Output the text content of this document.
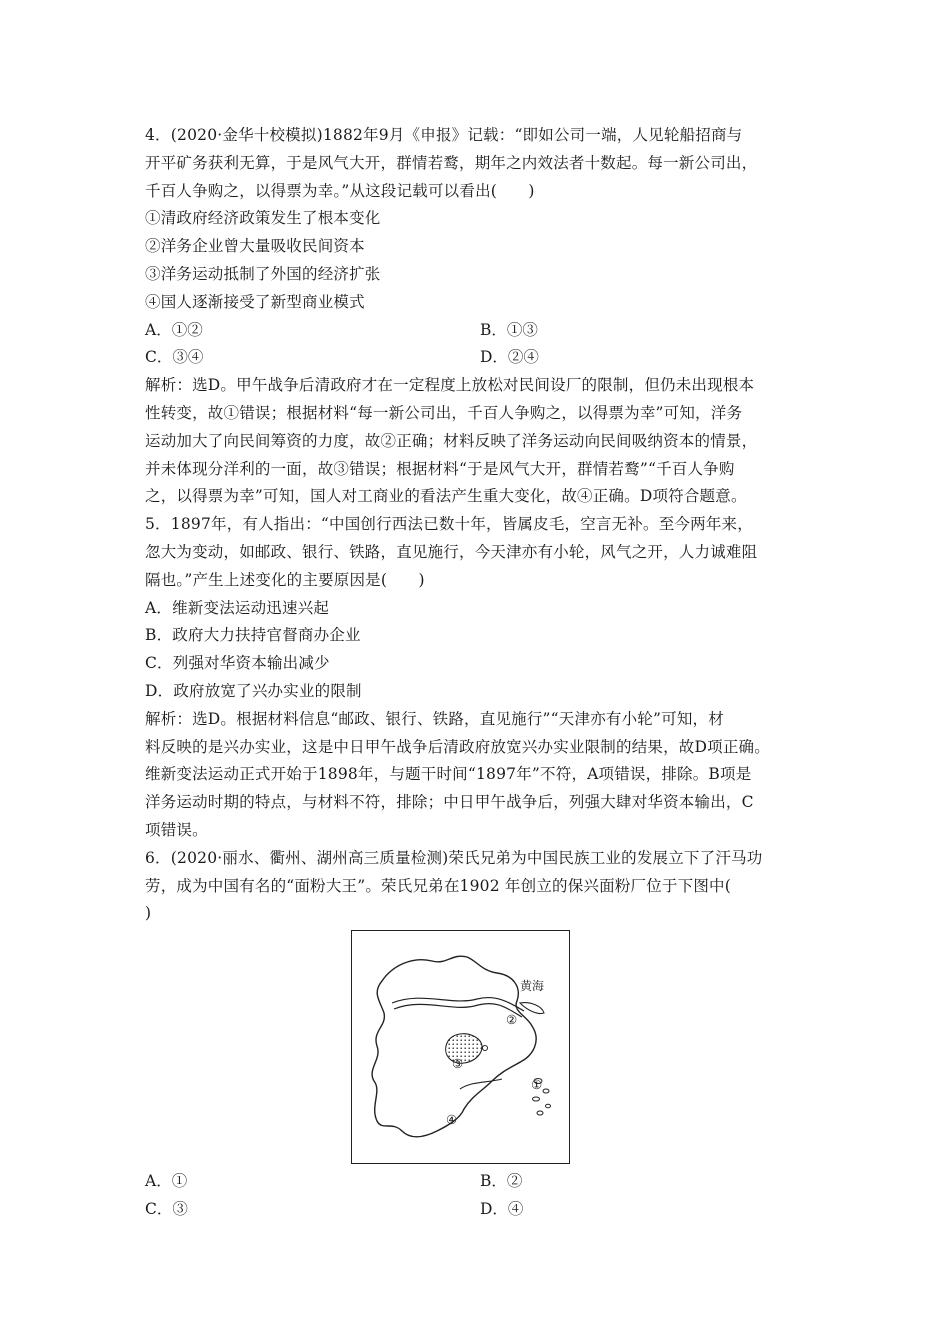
4．(2020·金华十校模拟)1882年9月《申报》记载：“即如公司一端，人见轮船招商与
开平矿务获利无算，于是风气大开，群情若鹜，期年之内效法者十数起。每一新公司出，
千百人争购之，以得票为幸。”从这段记载可以看出(　　)
①清政府经济政策发生了根本变化
②洋务企业曾大量吸收民间资本
③洋务运动抵制了外国的经济扩张
④国人逐渐接受了新型商业模式
A．①②	B．①③
C．③④	D．②④
解析：选D。甲午战争后清政府才在一定程度上放松对民间设厂的限制，但仍未出现根本
性转变，故①错误；根据材料“每一新公司出，千百人争购之，以得票为幸”可知，洋务
运动加大了向民间筹资的力度，故②正确；材料反映了洋务运动向民间吸纳资本的情景，
并未体现分洋利的一面，故③错误；根据材料“于是风气大开，群情若鹜”“千百人争购
之，以得票为幸”可知，国人对工商业的看法产生重大变化，故④正确。D项符合题意。
5．1897年，有人指出：“中国创行西法已数十年，皆属皮毛，空言无补。至今两年来，
忽大为变动，如邮政、银行、铁路，直见施行，今天津亦有小轮，风气之开，人力诚难阻
隔也。”产生上述变化的主要原因是(　　)
A．维新变法运动迅速兴起
B．政府大力扶持官督商办企业
C．列强对华资本输出减少
D．政府放宽了兴办实业的限制
解析：选D。根据材料信息“邮政、银行、铁路，直见施行”“天津亦有小轮”可知，材
料反映的是兴办实业，这是中日甲午战争后清政府放宽兴办实业限制的结果，故D项正确。
维新变法运动正式开始于1898年，与题干时间“1897年”不符，A项错误，排除。B项是
洋务运动时期的特点，与材料不符，排除；中日甲午战争后，列强大肆对华资本输出，C
项错误。
6．(2020·丽水、衢州、湖州高三质量检测)荣氏兄弟为中国民族工业的发展立下了汗马功
劳，成为中国有名的“面粉大王”。荣氏兄弟在1902 年创立的保兴面粉厂位于下图中(
)
黄海
①
②
③
④
A．①	B．②
C．③	D．④
